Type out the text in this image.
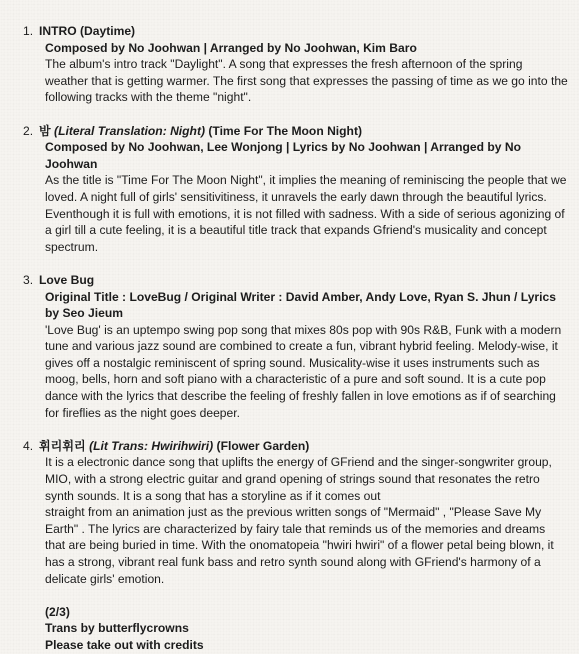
1. INTRO (Daytime)
Composed by No Joohwan | Arranged by No Joohwan, Kim Baro
The album's intro track "Daylight". A song that expresses the fresh afternoon of the spring weather that is getting warmer. The first song that expresses the passing of time as we go into the following tracks with the theme "night".
2. 밤 (Literal Translation: Night) (Time For The Moon Night)
Composed by No Joohwan, Lee Wonjong | Lyrics by No Joohwan | Arranged by No Joohwan
As the title is "Time For The Moon Night", it implies the meaning of reminiscing the people that we loved. A night full of girls' sensitivitiness, it unravels the early dawn through the beautiful lyrics. Eventhough it is full with emotions, it is not filled with sadness. With a side of serious agonizing of a girl till a cute feeling, it is a beautiful title track that expands Gfriend's musicality and concept spectrum.
3. Love Bug
Original Title : LoveBug / Original Writer : David Amber, Andy Love, Ryan S. Jhun / Lyrics by Seo Jieum
'Love Bug' is an uptempo swing pop song that mixes 80s pop with 90s R&B, Funk with a modern tune and various jazz sound are combined to create a fun, vibrant hybrid feeling. Melody-wise, it gives off a nostalgic reminiscent of spring sound. Musicality-wise it uses instruments such as moog, bells, horn and soft piano with a characteristic of a pure and soft sound. It is a cute pop dance with the lyrics that describe the feeling of freshly fallen in love emotions as if of searching for fireflies as the night goes deeper.
4. 휘리휘리 (Lit Trans: Hwirihwiri) (Flower Garden)

It is a electronic dance song that uplifts the energy of GFriend and the singer-songwriter group, MIO, with a strong electric guitar and grand opening of strings sound that resonates the retro synth sounds. It is a song that has a storyline as if it comes out

straight from an animation just as the previous written songs of "Mermaid" , "Please Save My Earth" . The lyrics are characterized by fairy tale that reminds us of the memories and dreams that are being buried in time. With the onomatopeia "hwiri hwiri" of a flower petal being blown, it has a strong, vibrant real funk bass and retro synth sound along with GFriend's harmony of a delicate girls' emotion.

(2/3)
Trans by butterflycrowns
Please take out with credits
